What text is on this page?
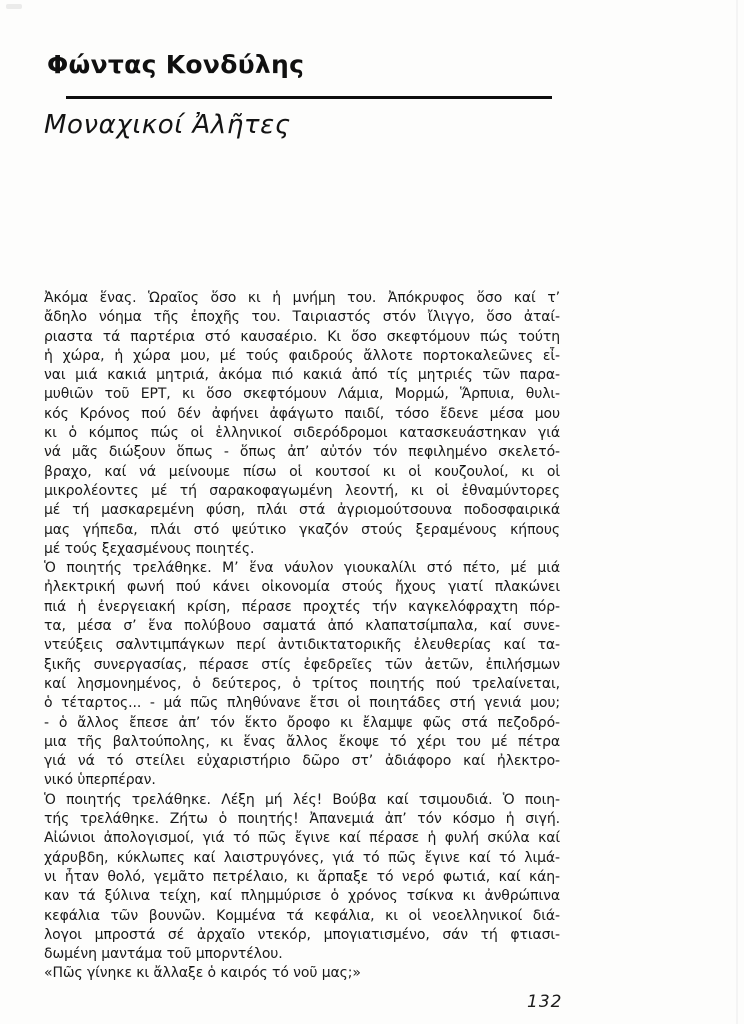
Φώντας Κονδύλης
Μοναχικοί Ἀλῆτες
Ἀκόμα ἕνας. Ὡραῖος ὅσο κι ἡ μνήμη του. Ἀπόκρυφος ὅσο καί τ’
ἄδηλο νόημα τῆς ἐποχῆς του. Ταιριαστός στόν ἴλιγγο, ὅσο ἀταί-
ριαστα τά παρτέρια στό καυσαέριο. Κι ὅσο σκεφτόμουν πώς τούτη
ἡ χώρα, ἡ χώρα μου, μέ τούς φαιδρούς ἄλλοτε πορτοκαλεῶνες εἶ-
ναι μιά κακιά μητριά, ἀκόμα πιό κακιά ἀπό τίς μητριές τῶν παρα-
μυθιῶν τοῦ ΕΡΤ, κι ὅσο σκεφτόμουν Λάμια, Μορμώ, Ἅρπυια, θυλι-
κός Κρόνος πού δέν ἀφήνει ἀφάγωτο παιδί, τόσο ἔδενε μέσα μου
κι ὁ κόμπος πώς οἱ ἑλληνικοί σιδερόδρομοι κατασκευάστηκαν γιά
νά μᾶς διώξουν ὅπως - ὅπως ἀπ’ αὐτόν τόν πεφιλημένο σκελετό-
βραχο, καί νά μείνουμε πίσω οἱ κουτσοί κι οἱ κουζουλοί, κι οἱ
μικρολέοντες μέ τή σαρακοφαγωμένη λεοντή, κι οἱ ἐθναμύντορες
μέ τή μασκαρεμένη φύση, πλάι στά ἀγριομούτσουνα ποδοσφαιρικά
μας γήπεδα, πλάι στό ψεύτικο γκαζόν στούς ξεραμένους κήπους
μέ τούς ξεχασμένους ποιητές.
Ὁ ποιητής τρελάθηκε. Μ’ ἕνα νάυλον γιουκαλίλι στό πέτο, μέ μιά
ἠλεκτρική φωνή πού κάνει οἰκονομία στούς ἤχους γιατί πλακώνει
πιά ἡ ἐνεργειακή κρίση, πέρασε προχτές τήν καγκελόφραχτη πόρ-
τα, μέσα σ’ ἕνα πολύβουο σαματά ἀπό κλαπατσίμπαλα, καί συνε-
ντεύξεις σαλντιμπάγκων περί ἀντιδικτατορικῆς ἐλευθερίας καί τα-
ξικῆς συνεργασίας, πέρασε στίς ἐφεδρεῖες τῶν ἀετῶν, ἐπιλήσμων
καί λησμονημένος, ὁ δεύτερος, ὁ τρίτος ποιητής πού τρελαίνεται,
ὁ τέταρτος... - μά πῶς πληθύνανε ἔτσι οἱ ποιητάδες στή γενιά μου;
- ὁ ἄλλος ἔπεσε ἀπ’ τόν ἕκτο ὄροφο κι ἔλαμψε φῶς στά πεζοδρό-
μια τῆς βαλτούπολης, κι ἕνας ἄλλος ἔκοψε τό χέρι του μέ πέτρα
γιά νά τό στείλει εὐχαριστήριο δῶρο στ’ ἀδιάφορο καί ἠλεκτρο-
νικό ὑπερπέραν.
Ὁ ποιητής τρελάθηκε. Λέξη μή λές! Βούβα καί τσιμουδιά. Ὁ ποιη-
τής τρελάθηκε. Ζήτω ὁ ποιητής! Ἀπανεμιά ἀπ’ τόν κόσμο ἡ σιγή.
Αἰώνιοι ἀπολογισμοί, γιά τό πῶς ἔγινε καί πέρασε ἡ φυλή σκύλα καί
χάρυβδη, κύκλωπες καί λαιστρυγόνες, γιά τό πῶς ἔγινε καί τό λιμά-
νι ἦταν θολό, γεμᾶτο πετρέλαιο, κι ἅρπαξε τό νερό φωτιά, καί κάη-
καν τά ξύλινα τείχη, καί πλημμύρισε ὁ χρόνος τσίκνα κι ἀνθρώπινα
κεφάλια τῶν βουνῶν. Κομμένα τά κεφάλια, κι οἱ νεοελληνικοί διά-
λογοι μπροστά σέ ἀρχαῖο ντεκόρ, μπογιατισμένο, σάν τή φτιασι-
δωμένη μαντάμα τοῦ μπορντέλου.
«Πῶς γίνηκε κι ἄλλαξε ὁ καιρός τό νοῦ μας;»
132
